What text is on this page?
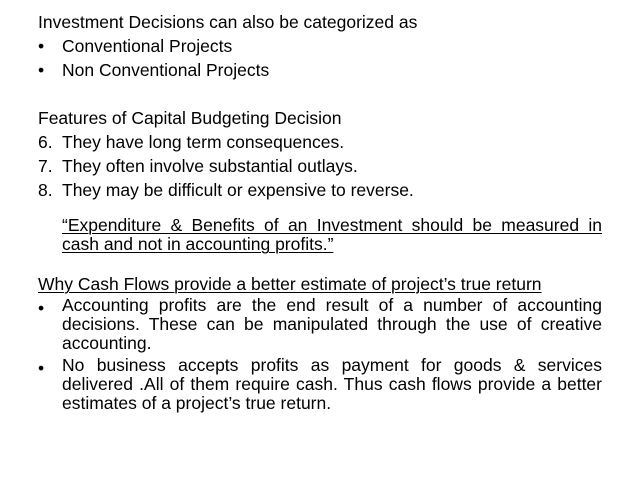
Investment Decisions can also be categorized as
•	Conventional Projects
•	Non Conventional Projects
Features of Capital Budgeting Decision
6. They have long term consequences.
7. They often involve substantial outlays.
8. They may be difficult or expensive to reverse.
“Expenditure & Benefits of an Investment should be measured in cash and not in accounting profits.”
Why Cash Flows provide a better estimate of project’s true return
•	Accounting profits are the end result of a number of accounting decisions. These can be manipulated through the use of creative accounting.
•	No business accepts profits as payment for goods & services delivered .All of them require cash. Thus cash flows provide a better estimates of a project’s true return.
